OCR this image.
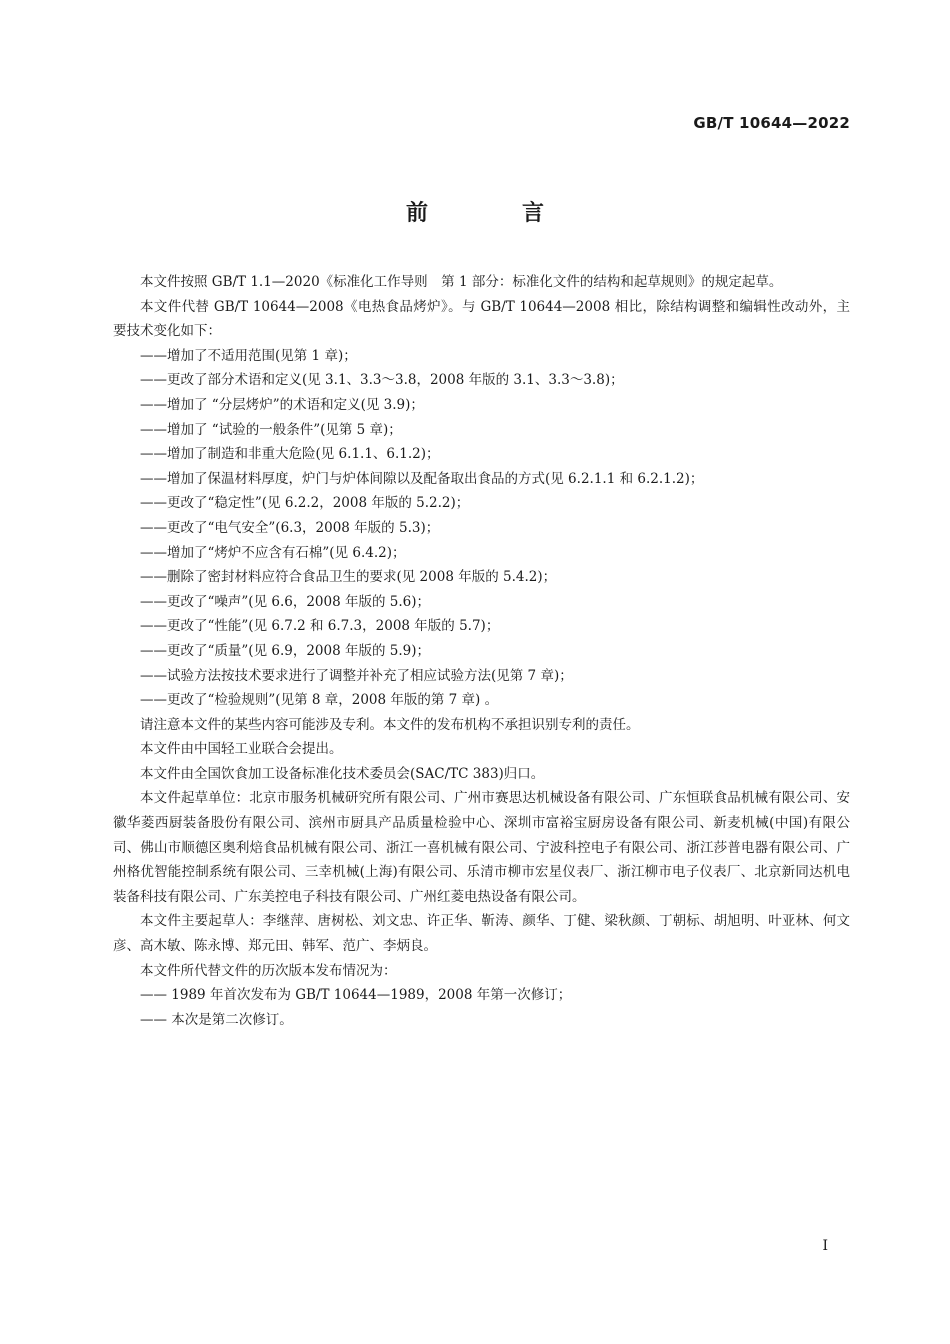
GB/T 10644—2022
前　言

本文件按照 GB/T 1.1—2020《标准化工作导则　第 1 部分：标准化文件的结构和起草规则》的规定起草。

本文件代替 GB/T 10644—2008《电热食品烤炉》。与 GB/T 10644—2008 相比，除结构调整和编辑性改动外，主要技术变化如下：

——增加了不适用范围(见第 1 章)；

——更改了部分术语和定义(见 3.1、3.3～3.8，2008 年版的 3.1、3.3～3.8)；

——增加了 “分层烤炉”的术语和定义(见 3.9)；

——增加了 “试验的一般条件”(见第 5 章)；

——增加了制造和非重大危险(见 6.1.1、6.1.2)；

——增加了保温材料厚度，炉门与炉体间隙以及配备取出食品的方式(见 6.2.1.1 和 6.2.1.2)；

——更改了“稳定性”(见 6.2.2，2008 年版的 5.2.2)；

——更改了“电气安全”(6.3，2008 年版的 5.3)；

——增加了“烤炉不应含有石棉”(见 6.4.2)；

——删除了密封材料应符合食品卫生的要求(见 2008 年版的 5.4.2)；

——更改了“噪声”(见 6.6，2008 年版的 5.6)；

——更改了“性能”(见 6.7.2 和 6.7.3，2008 年版的 5.7)；

——更改了“质量”(见 6.9，2008 年版的 5.9)；

——试验方法按技术要求进行了调整并补充了相应试验方法(见第 7 章)；

——更改了“检验规则”(见第 8 章，2008 年版的第 7 章) 。

请注意本文件的某些内容可能涉及专利。本文件的发布机构不承担识别专利的责任。

本文件由中国轻工业联合会提出。

本文件由全国饮食加工设备标准化技术委员会(SAC/TC 383)归口。

本文件起草单位：北京市服务机械研究所有限公司、广州市赛思达机械设备有限公司、广东恒联食品机械有限公司、安徽华菱西厨装备股份有限公司、滨州市厨具产品质量检验中心、深圳市富裕宝厨房设备有限公司、新麦机械(中国)有限公司、佛山市顺德区奥利焙食品机械有限公司、浙江一喜机械有限公司、宁波科控电子有限公司、浙江莎普电器有限公司、广州格优智能控制系统有限公司、三幸机械(上海)有限公司、乐清市柳市宏星仪表厂、浙江柳市电子仪表厂、北京新同达机电装备科技有限公司、广东美控电子科技有限公司、广州红菱电热设备有限公司。

本文件主要起草人：李继萍、唐树松、刘文忠、许正华、靳涛、颜华、丁健、梁秋颜、丁朝标、胡旭明、叶亚林、何文彦、高木敏、陈永博、郑元田、韩军、范广、李炳良。

本文件所代替文件的历次版本发布情况为：

—— 1989 年首次发布为 GB/T 10644—1989，2008 年第一次修订；

—— 本次是第二次修订。

I
